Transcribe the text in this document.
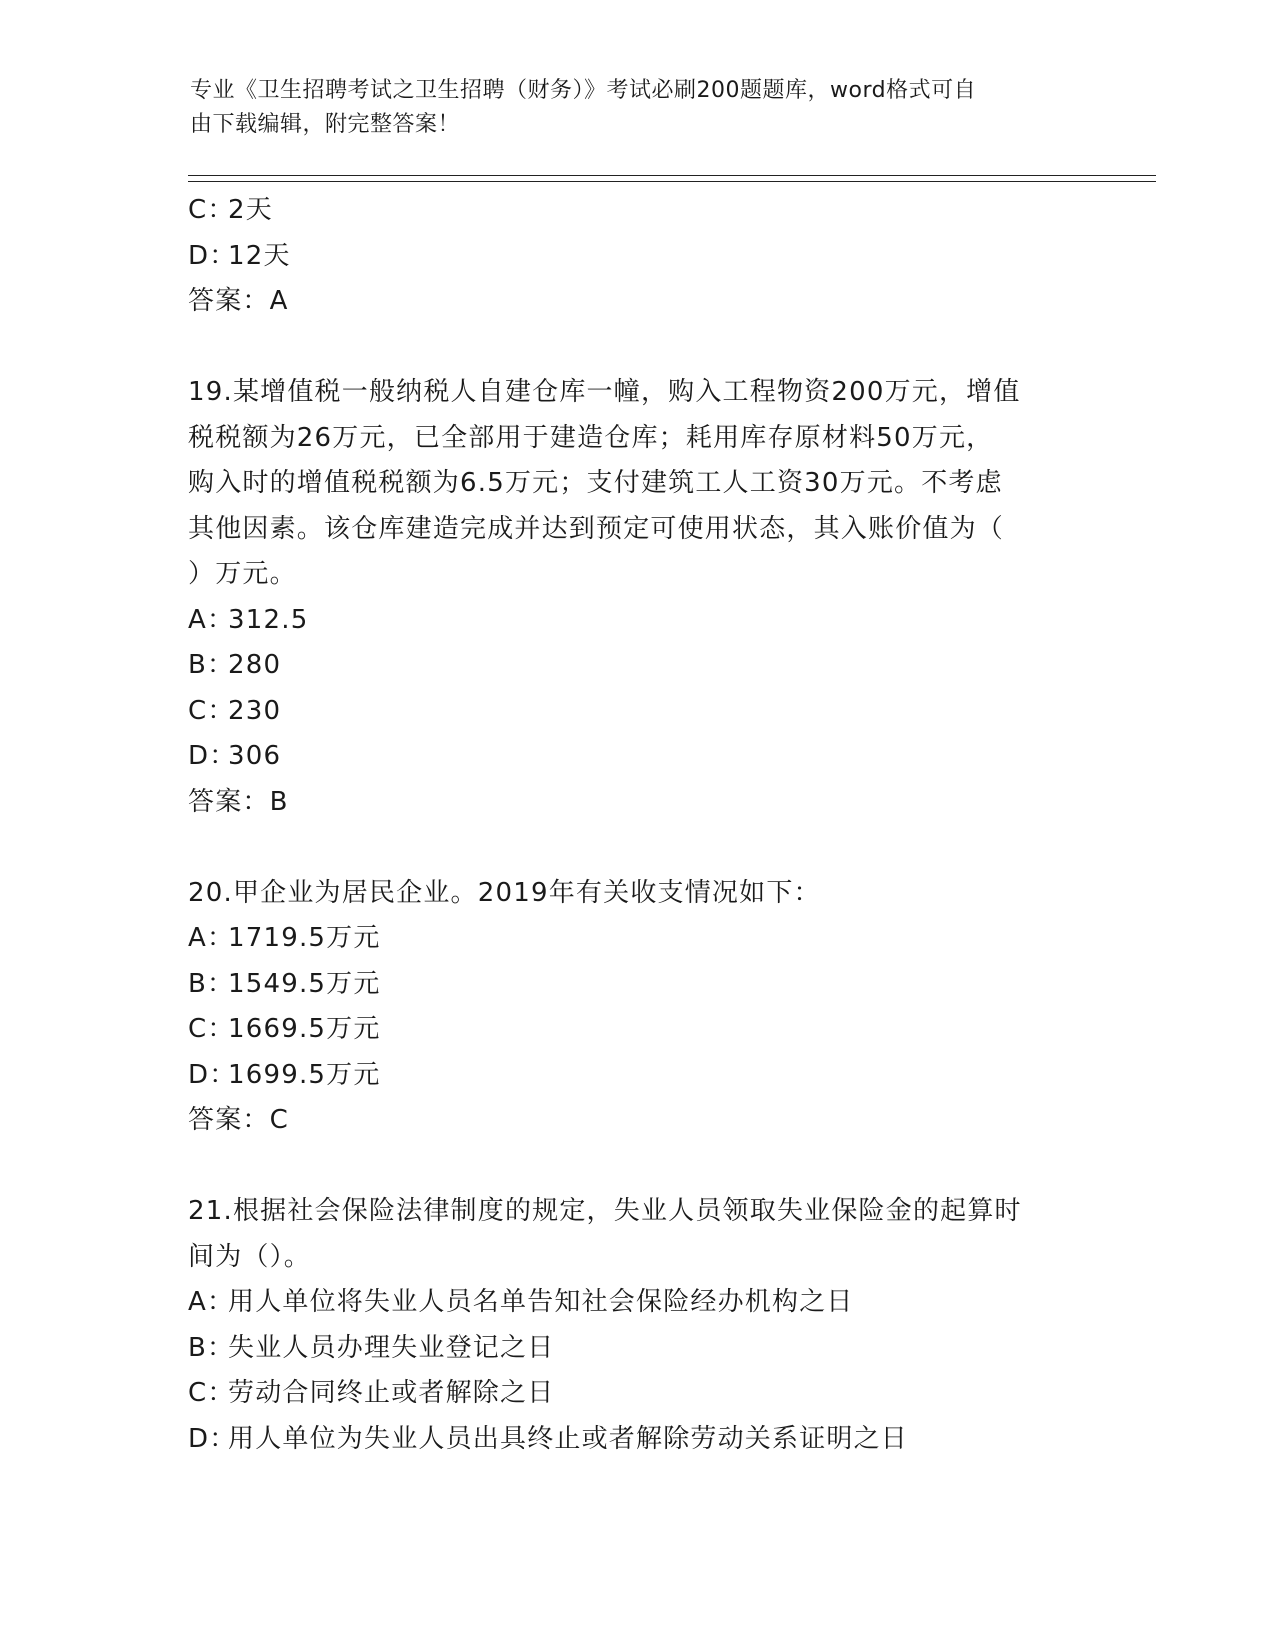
专业《卫生招聘考试之卫生招聘（财务）》考试必刷200题题库，word格式可自
由下载编辑，附完整答案！
C：2天
D：12天
答案：A
19.某增值税一般纳税人自建仓库一幢，购入工程物资200万元，增值
税税额为26万元，已全部用于建造仓库；耗用库存原材料50万元，
购入时的增值税税额为6.5万元；支付建筑工人工资30万元。不考虑
其他因素。该仓库建造完成并达到预定可使用状态，其入账价值为（
）万元。
A：312.5
B：280
C：230
D：306
答案：B
20.甲企业为居民企业。2019年有关收支情况如下：
A：1719.5万元
B：1549.5万元
C：1669.5万元
D：1699.5万元
答案：C
21.根据社会保险法律制度的规定，失业人员领取失业保险金的起算时
间为（）。
A：用人单位将失业人员名单告知社会保险经办机构之日
B：失业人员办理失业登记之日
C：劳动合同终止或者解除之日
D：用人单位为失业人员出具终止或者解除劳动关系证明之日
